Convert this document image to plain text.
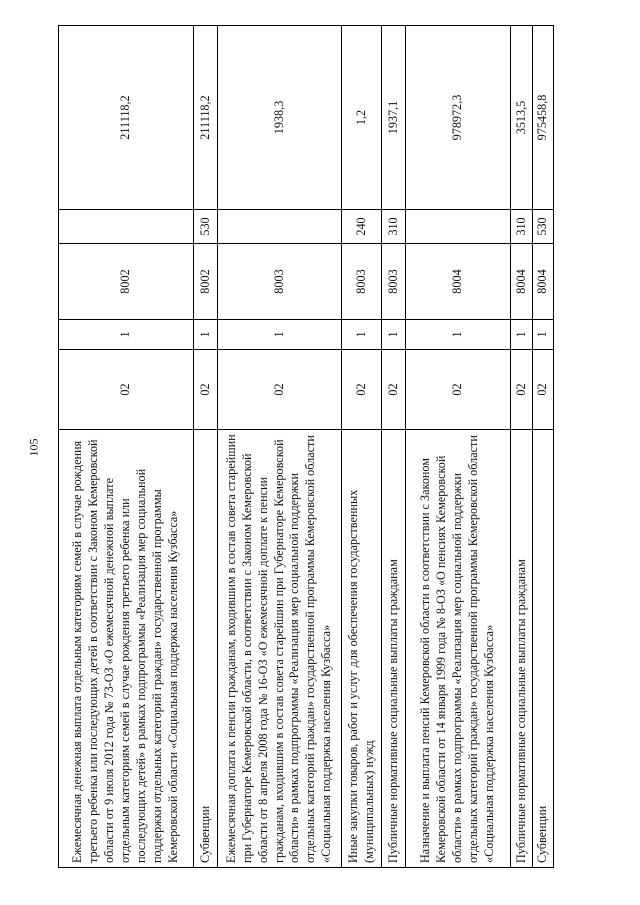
105 Ежемесячная денежная выплата отдельным категориям семей в случае рождения третьего ребенка или последующих детей в соответствии с Законом Кемеровской области от 9 июля 2012 года № 73-ОЗ «О ежемесячной денежной выплате отдельным категориям семей в случае рождения третьего ребенка или последующих детей» в рамках подпрограммы «Реализация мер социальной поддержки отдельных категорий граждан» государственной программы Кемеровской области «Социальная поддержка населения Кузбасса»	02	1	8002		211118,2
Субвенции	02	1	8002	530	211118,2
Ежемесячная доплата к пенсии гражданам, входившим в состав совета старейшин при Губернаторе Кемеровской области, в соответствии с Законом Кемеровской области от 8 апреля 2008 года № 16-ОЗ «О ежемесячной доплате к пенсии гражданам, входившим в состав совета старейшин при Губернаторе Кемеровской области» в рамках подпрограммы «Реализация мер социальной поддержки отдельных категорий граждан» государственной программы Кемеровской области «Социальная поддержка населения Кузбасса»	02	1	8003		1938,3
Иные закупки товаров, работ и услуг для обеспечения государственных (муниципальных) нужд	02	1	8003	240	1,2
Публичные нормативные социальные выплаты гражданам	02	1	8003	310	1937,1
Назначение и выплата пенсий Кемеровской области в соответствии с Законом Кемеровской области от 14 января 1999 года № 8-ОЗ «О пенсиях Кемеровской области» в рамках подпрограммы «Реализация мер социальной поддержки отдельных категорий граждан» государственной программы Кемеровской области «Социальная поддержка населения Кузбасса»	02	1	8004		978972,3
Публичные нормативные социальные выплаты гражданам	02	1	8004	310	3513,5
Субвенции	02	1	8004	530	975458,8
